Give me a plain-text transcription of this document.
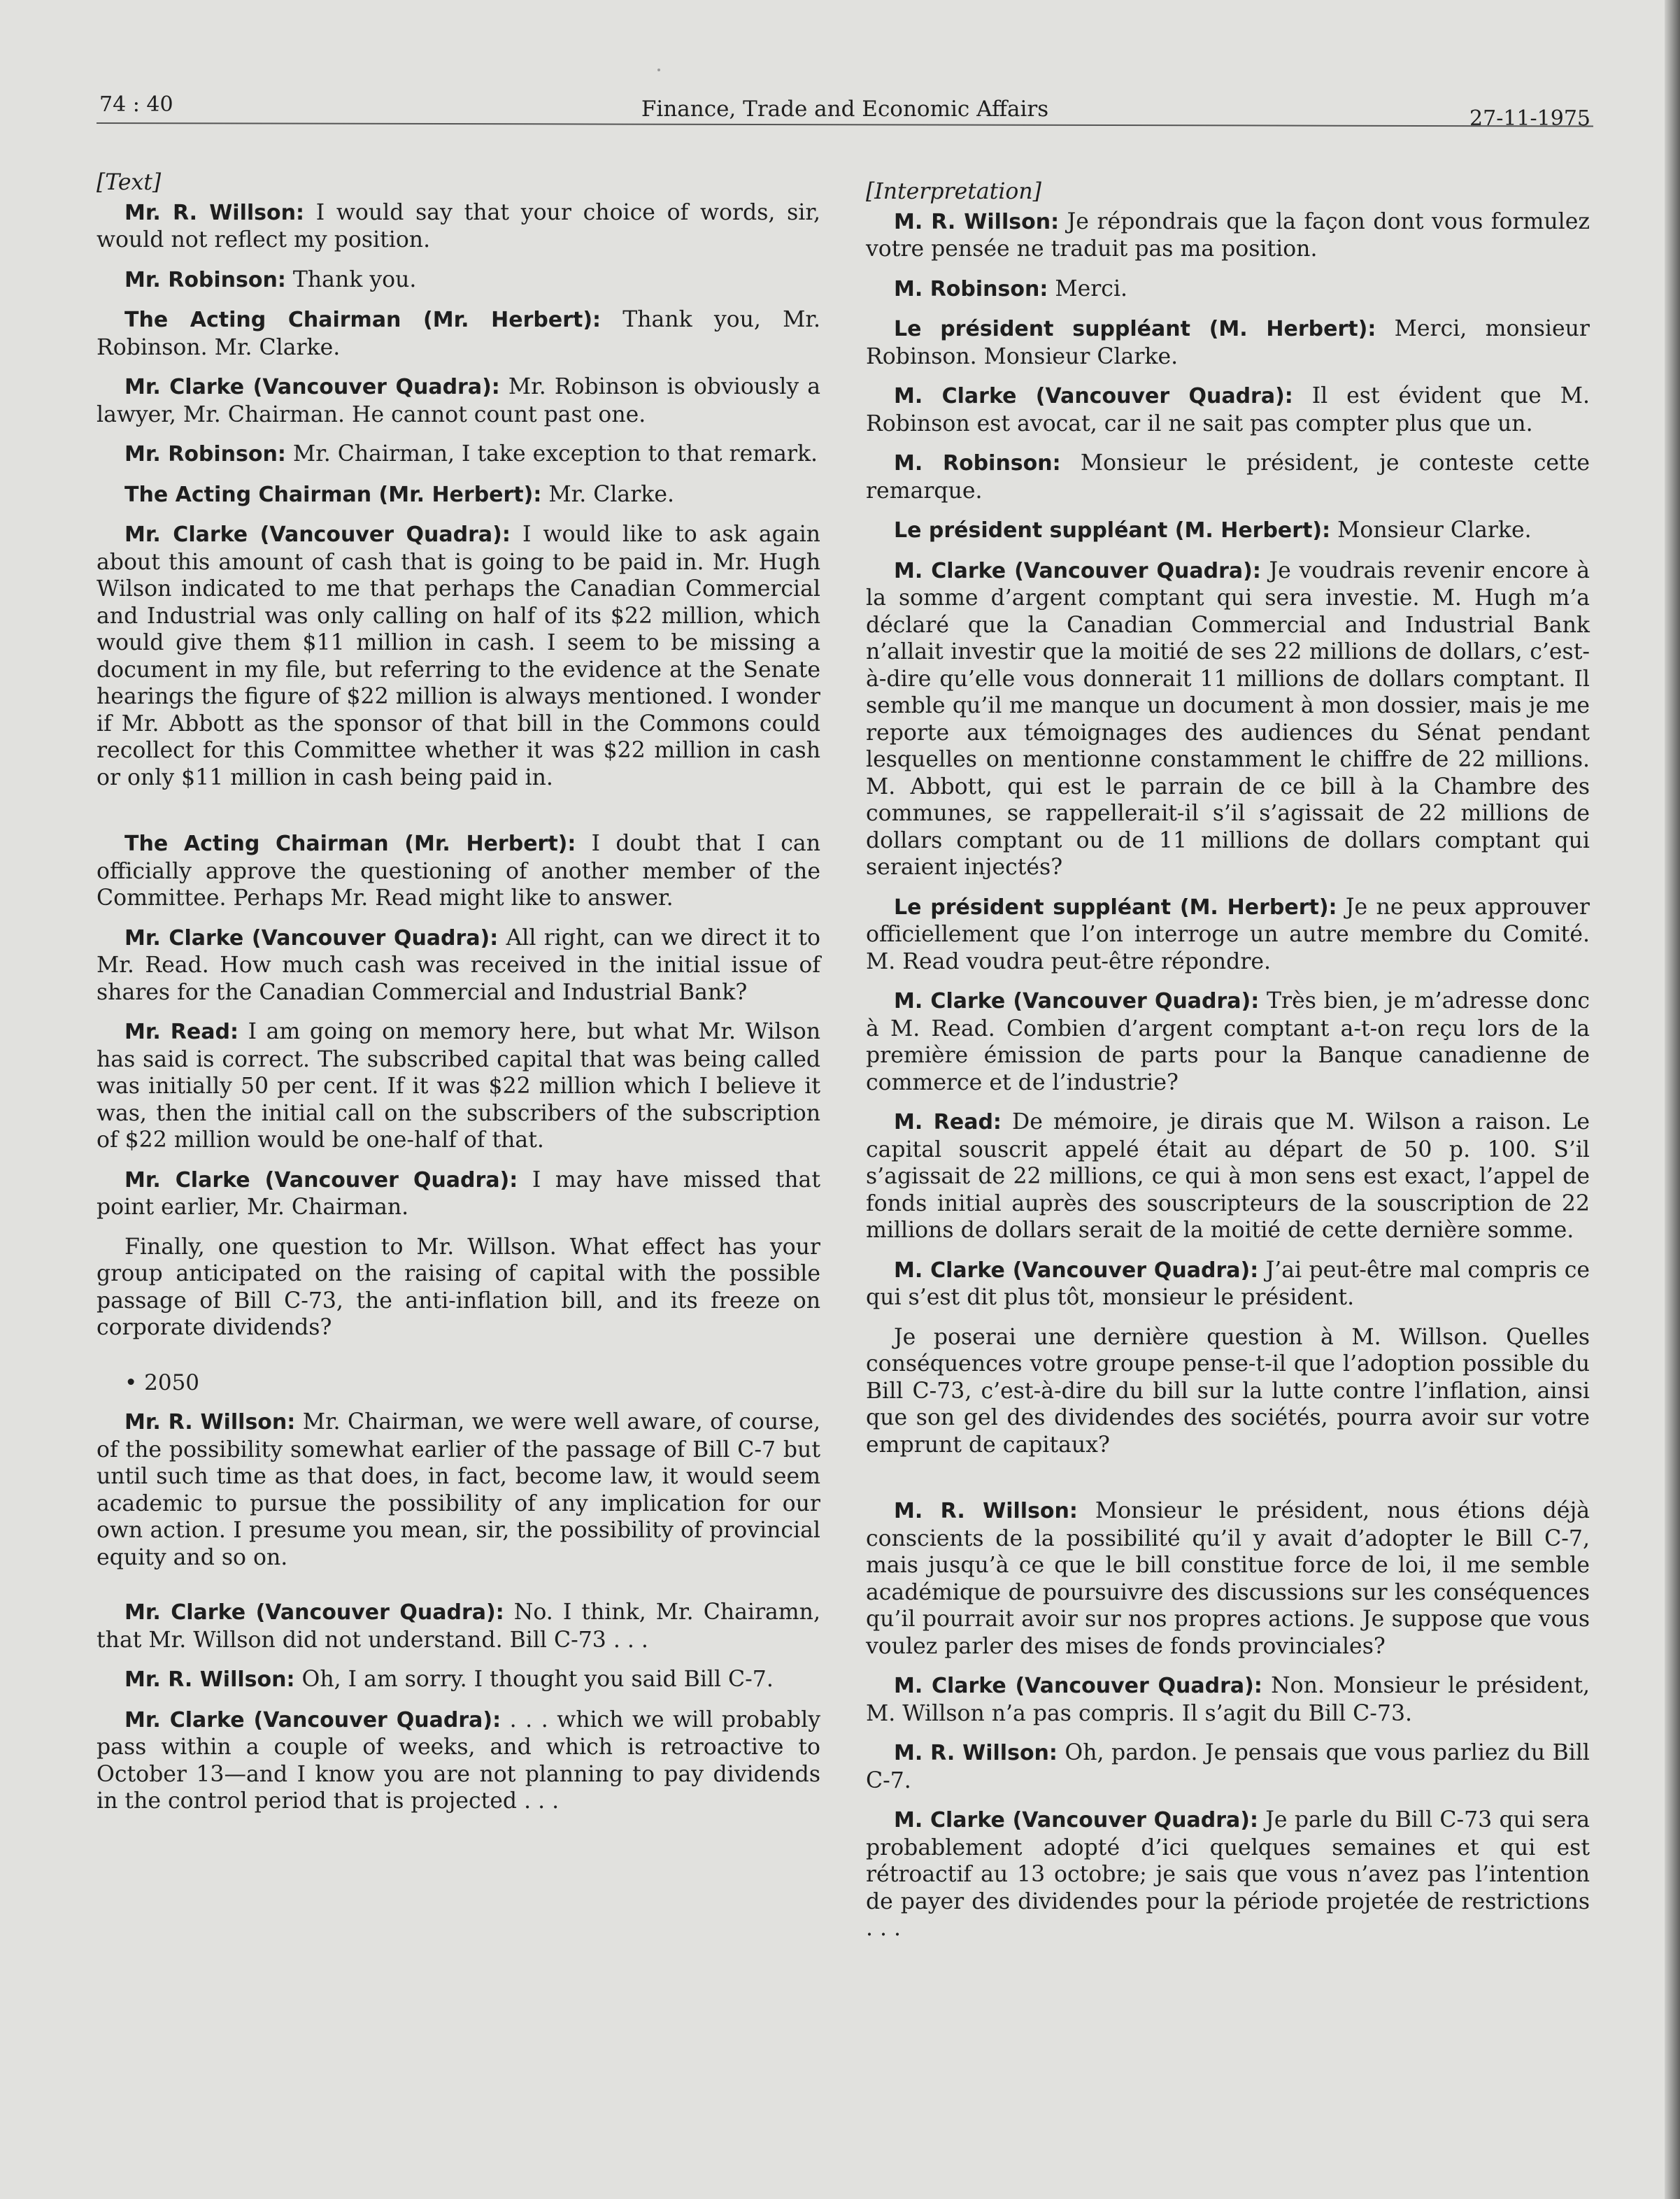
74 : 40	Finance, Trade and Economic Affairs	27-11-1975

[Text]

Mr. R. Willson: I would say that your choice of words, sir, would not reflect my position.

Mr. Robinson: Thank you.

The Acting Chairman (Mr. Herbert): Thank you, Mr. Robinson. Mr. Clarke.

Mr. Clarke (Vancouver Quadra): Mr. Robinson is obviously a lawyer, Mr. Chairman. He cannot count past one.

Mr. Robinson: Mr. Chairman, I take exception to that remark.

The Acting Chairman (Mr. Herbert): Mr. Clarke.

Mr. Clarke (Vancouver Quadra): I would like to ask again about this amount of cash that is going to be paid in. Mr. Hugh Wilson indicated to me that perhaps the Canadian Commercial and Industrial was only calling on half of its $22 million, which would give them $11 million in cash. I seem to be missing a document in my file, but referring to the evidence at the Senate hearings the figure of $22 million is always mentioned. I wonder if Mr. Abbott as the sponsor of that bill in the Commons could recollect for this Committee whether it was $22 million in cash or only $11 million in cash being paid in.

The Acting Chairman (Mr. Herbert): I doubt that I can officially approve the questioning of another member of the Committee. Perhaps Mr. Read might like to answer.

Mr. Clarke (Vancouver Quadra): All right, can we direct it to Mr. Read. How much cash was received in the initial issue of shares for the Canadian Commercial and Industrial Bank?

Mr. Read: I am going on memory here, but what Mr. Wilson has said is correct. The subscribed capital that was being called was initially 50 per cent. If it was $22 million which I believe it was, then the initial call on the subscribers of the subscription of $22 million would be one-half of that.

Mr. Clarke (Vancouver Quadra): I may have missed that point earlier, Mr. Chairman.

Finally, one question to Mr. Willson. What effect has your group anticipated on the raising of capital with the possible passage of Bill C-73, the anti-inflation bill, and its freeze on corporate dividends?

• 2050

Mr. R. Willson: Mr. Chairman, we were well aware, of course, of the possibility somewhat earlier of the passage of Bill C-7 but until such time as that does, in fact, become law, it would seem academic to pursue the possibility of any implication for our own action. I presume you mean, sir, the possibility of provincial equity and so on.

Mr. Clarke (Vancouver Quadra): No. I think, Mr. Chairamn, that Mr. Willson did not understand. Bill C-73 . . .

Mr. R. Willson: Oh, I am sorry. I thought you said Bill C-7.

Mr. Clarke (Vancouver Quadra): . . . which we will probably pass within a couple of weeks, and which is retroactive to October 13—and I know you are not planning to pay dividends in the control period that is projected . . .

[Interpretation]

M. R. Willson: Je répondrais que la façon dont vous formulez votre pensée ne traduit pas ma position.

M. Robinson: Merci.

Le président suppléant (M. Herbert): Merci, monsieur Robinson. Monsieur Clarke.

M. Clarke (Vancouver Quadra): Il est évident que M. Robinson est avocat, car il ne sait pas compter plus que un.

M. Robinson: Monsieur le président, je conteste cette remarque.

Le président suppléant (M. Herbert): Monsieur Clarke.

M. Clarke (Vancouver Quadra): Je voudrais revenir encore à la somme d’argent comptant qui sera investie. M. Hugh m’a déclaré que la Canadian Commercial and Industrial Bank n’allait investir que la moitié de ses 22 millions de dollars, c’est-à-dire qu’elle vous donnerait 11 millions de dollars comptant. Il semble qu’il me manque un document à mon dossier, mais je me reporte aux témoignages des audiences du Sénat pendant lesquelles on mentionne constamment le chiffre de 22 millions. M. Abbott, qui est le parrain de ce bill à la Chambre des communes, se rappellerait-il s’il s’agissait de 22 millions de dollars comptant ou de 11 millions de dollars comptant qui seraient injectés?

Le président suppléant (M. Herbert): Je ne peux approuver officiellement que l’on interroge un autre membre du Comité. M. Read voudra peut-être répondre.

M. Clarke (Vancouver Quadra): Très bien, je m’adresse donc à M. Read. Combien d’argent comptant a-t-on reçu lors de la première émission de parts pour la Banque canadienne de commerce et de l’industrie?

M. Read: De mémoire, je dirais que M. Wilson a raison. Le capital souscrit appelé était au départ de 50 p. 100. S’il s’agissait de 22 millions, ce qui à mon sens est exact, l’appel de fonds initial auprès des souscripteurs de la souscription de 22 millions de dollars serait de la moitié de cette dernière somme.

M. Clarke (Vancouver Quadra): J’ai peut-être mal compris ce qui s’est dit plus tôt, monsieur le président.

Je poserai une dernière question à M. Willson. Quelles conséquences votre groupe pense-t-il que l’adoption possible du Bill C-73, c’est-à-dire du bill sur la lutte contre l’inflation, ainsi que son gel des dividendes des sociétés, pourra avoir sur votre emprunt de capitaux?

M. R. Willson: Monsieur le président, nous étions déjà conscients de la possibilité qu’il y avait d’adopter le Bill C-7, mais jusqu’à ce que le bill constitue force de loi, il me semble académique de poursuivre des discussions sur les conséquences qu’il pourrait avoir sur nos propres actions. Je suppose que vous voulez parler des mises de fonds provinciales?

M. Clarke (Vancouver Quadra): Non. Monsieur le président, M. Willson n’a pas compris. Il s’agit du Bill C-73.

M. R. Willson: Oh, pardon. Je pensais que vous parliez du Bill C-7.

M. Clarke (Vancouver Quadra): Je parle du Bill C-73 qui sera probablement adopté d’ici quelques semaines et qui est rétroactif au 13 octobre; je sais que vous n’avez pas l’intention de payer des dividendes pour la période projetée de restrictions . . .
